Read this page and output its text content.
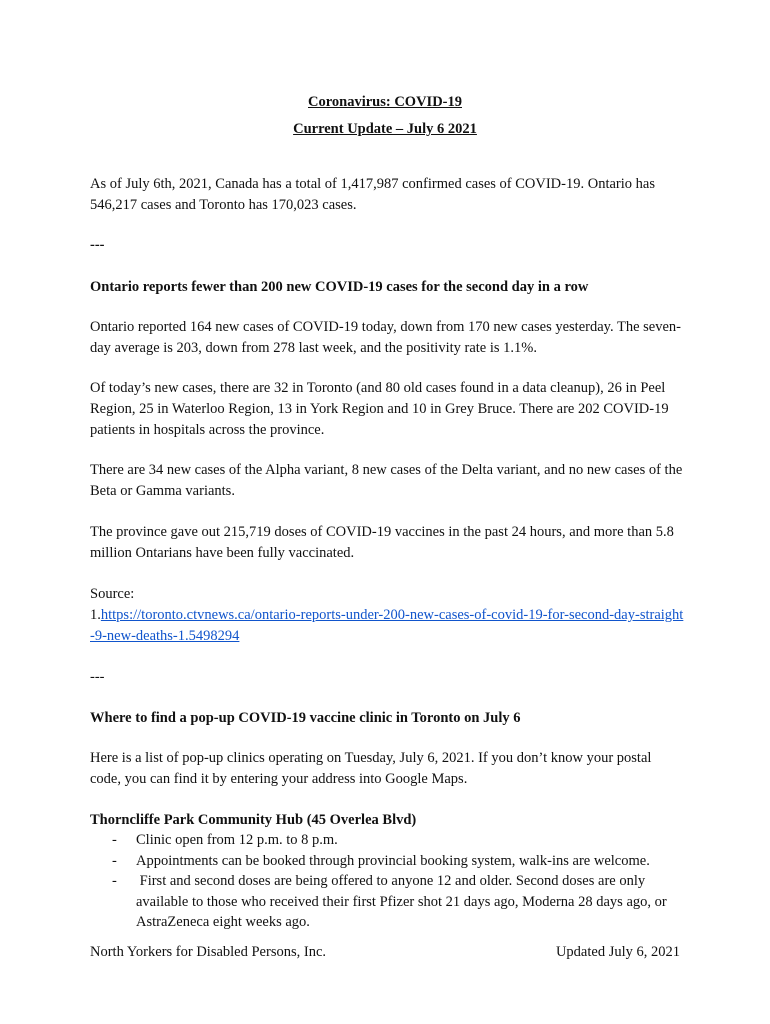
Coronavirus: COVID-19
Current Update – July 6 2021
As of July 6th, 2021, Canada has a total of 1,417,987 confirmed cases of COVID-19. Ontario has 546,217 cases and Toronto has 170,023 cases.
---
Ontario reports fewer than 200 new COVID-19 cases for the second day in a row
Ontario reported 164 new cases of COVID-19 today, down from 170 new cases yesterday. The seven-day average is 203, down from 278 last week, and the positivity rate is 1.1%.
Of today’s new cases, there are 32 in Toronto (and 80 old cases found in a data cleanup), 26 in Peel Region, 25 in Waterloo Region, 13 in York Region and 10 in Grey Bruce. There are 202 COVID-19 patients in hospitals across the province.
There are 34 new cases of the Alpha variant, 8 new cases of the Delta variant, and no new cases of the Beta or Gamma variants.
The province gave out 215,719 doses of COVID-19 vaccines in the past 24 hours, and more than 5.8 million Ontarians have been fully vaccinated.
Source:
1.https://toronto.ctvnews.ca/ontario-reports-under-200-new-cases-of-covid-19-for-second-day-straight-9-new-deaths-1.5498294
---
Where to find a pop-up COVID-19 vaccine clinic in Toronto on July 6
Here is a list of pop-up clinics operating on Tuesday, July 6, 2021. If you don’t know your postal code, you can find it by entering your address into Google Maps.
Thorncliffe Park Community Hub (45 Overlea Blvd)
- Clinic open from 12 p.m. to 8 p.m.
- Appointments can be booked through provincial booking system, walk-ins are welcome.
- First and second doses are being offered to anyone 12 and older. Second doses are only available to those who received their first Pfizer shot 21 days ago, Moderna 28 days ago, or AstraZeneca eight weeks ago.
North Yorkers for Disabled Persons, Inc.	Updated July 6, 2021
